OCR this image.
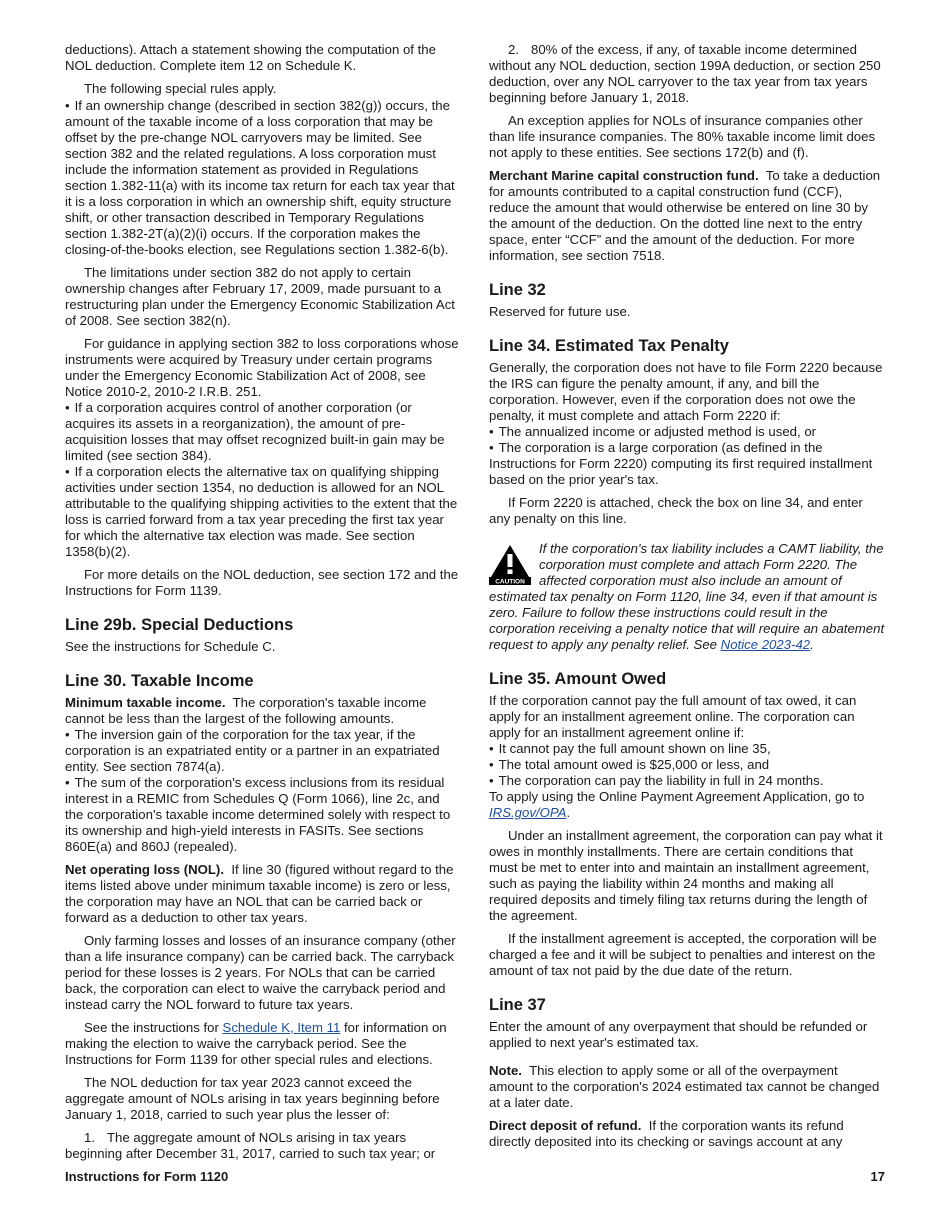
deductions). Attach a statement showing the computation of the NOL deduction. Complete item 12 on Schedule K.

The following special rules apply.

• If an ownership change (described in section 382(g)) occurs, the amount of the taxable income of a loss corporation that may be offset by the pre-change NOL carryovers may be limited. See section 382 and the related regulations. A loss corporation must include the information statement as provided in Regulations section 1.382-11(a) with its income tax return for each tax year that it is a loss corporation in which an ownership shift, equity structure shift, or other transaction described in Temporary Regulations section 1.382-2T(a)(2)(i) occurs. If the corporation makes the closing-of-the-books election, see Regulations section 1.382-6(b).

The limitations under section 382 do not apply to certain ownership changes after February 17, 2009, made pursuant to a restructuring plan under the Emergency Economic Stabilization Act of 2008. See section 382(n).

For guidance in applying section 382 to loss corporations whose instruments were acquired by Treasury under certain programs under the Emergency Economic Stabilization Act of 2008, see Notice 2010-2, 2010-2 I.R.B. 251.

• If a corporation acquires control of another corporation (or acquires its assets in a reorganization), the amount of pre-acquisition losses that may offset recognized built-in gain may be limited (see section 384).

• If a corporation elects the alternative tax on qualifying shipping activities under section 1354, no deduction is allowed for an NOL attributable to the qualifying shipping activities to the extent that the loss is carried forward from a tax year preceding the first tax year for which the alternative tax election was made. See section 1358(b)(2).

For more details on the NOL deduction, see section 172 and the Instructions for Form 1139.

Line 29b. Special Deductions

See the instructions for Schedule C.

Line 30. Taxable Income

Minimum taxable income. The corporation's taxable income cannot be less than the largest of the following amounts.

• The inversion gain of the corporation for the tax year, if the corporation is an expatriated entity or a partner in an expatriated entity. See section 7874(a).

• The sum of the corporation's excess inclusions from its residual interest in a REMIC from Schedules Q (Form 1066), line 2c, and the corporation's taxable income determined solely with respect to its ownership and high-yield interests in FASITs. See sections 860E(a) and 860J (repealed).

Net operating loss (NOL). If line 30 (figured without regard to the items listed above under minimum taxable income) is zero or less, the corporation may have an NOL that can be carried back or forward as a deduction to other tax years.

Only farming losses and losses of an insurance company (other than a life insurance company) can be carried back. The carryback period for these losses is 2 years. For NOLs that can be carried back, the corporation can elect to waive the carryback period and instead carry the NOL forward to future tax years.

See the instructions for Schedule K, Item 11 for information on making the election to waive the carryback period. See the Instructions for Form 1139 for other special rules and elections.

The NOL deduction for tax year 2023 cannot exceed the aggregate amount of NOLs arising in tax years beginning before January 1, 2018, carried to such year plus the lesser of:

1. The aggregate amount of NOLs arising in tax years beginning after December 31, 2017, carried to such tax year; or

2. 80% of the excess, if any, of taxable income determined without any NOL deduction, section 199A deduction, or section 250 deduction, over any NOL carryover to the tax year from tax years beginning before January 1, 2018.

An exception applies for NOLs of insurance companies other than life insurance companies. The 80% taxable income limit does not apply to these entities. See sections 172(b) and (f).

Merchant Marine capital construction fund. To take a deduction for amounts contributed to a capital construction fund (CCF), reduce the amount that would otherwise be entered on line 30 by the amount of the deduction. On the dotted line next to the entry space, enter “CCF” and the amount of the deduction. For more information, see section 7518.

Line 32

Reserved for future use.

Line 34. Estimated Tax Penalty

Generally, the corporation does not have to file Form 2220 because the IRS can figure the penalty amount, if any, and bill the corporation. However, even if the corporation does not owe the penalty, it must complete and attach Form 2220 if:

• The annualized income or adjusted method is used, or

• The corporation is a large corporation (as defined in the Instructions for Form 2220) computing its first required installment based on the prior year's tax.

If Form 2220 is attached, check the box on line 34, and enter any penalty on this line.

CAUTION
If the corporation's tax liability includes a CAMT liability, the corporation must complete and attach Form 2220. The affected corporation must also include an amount of estimated tax penalty on Form 1120, line 34, even if that amount is zero. Failure to follow these instructions could result in the corporation receiving a penalty notice that will require an abatement request to apply any penalty relief. See Notice 2023-42.
Line 35. Amount Owed

If the corporation cannot pay the full amount of tax owed, it can apply for an installment agreement online. The corporation can apply for an installment agreement online if:

• It cannot pay the full amount shown on line 35,

• The total amount owed is $25,000 or less, and

• The corporation can pay the liability in full in 24 months.

To apply using the Online Payment Agreement Application, go to IRS.gov/OPA.

Under an installment agreement, the corporation can pay what it owes in monthly installments. There are certain conditions that must be met to enter into and maintain an installment agreement, such as paying the liability within 24 months and making all required deposits and timely filing tax returns during the length of the agreement.

If the installment agreement is accepted, the corporation will be charged a fee and it will be subject to penalties and interest on the amount of tax not paid by the due date of the return.

Line 37

Enter the amount of any overpayment that should be refunded or applied to next year's estimated tax.

Note. This election to apply some or all of the overpayment amount to the corporation's 2024 estimated tax cannot be changed at a later date.

Direct deposit of refund. If the corporation wants its refund directly deposited into its checking or savings account at any

Instructions for Form 1120	17
